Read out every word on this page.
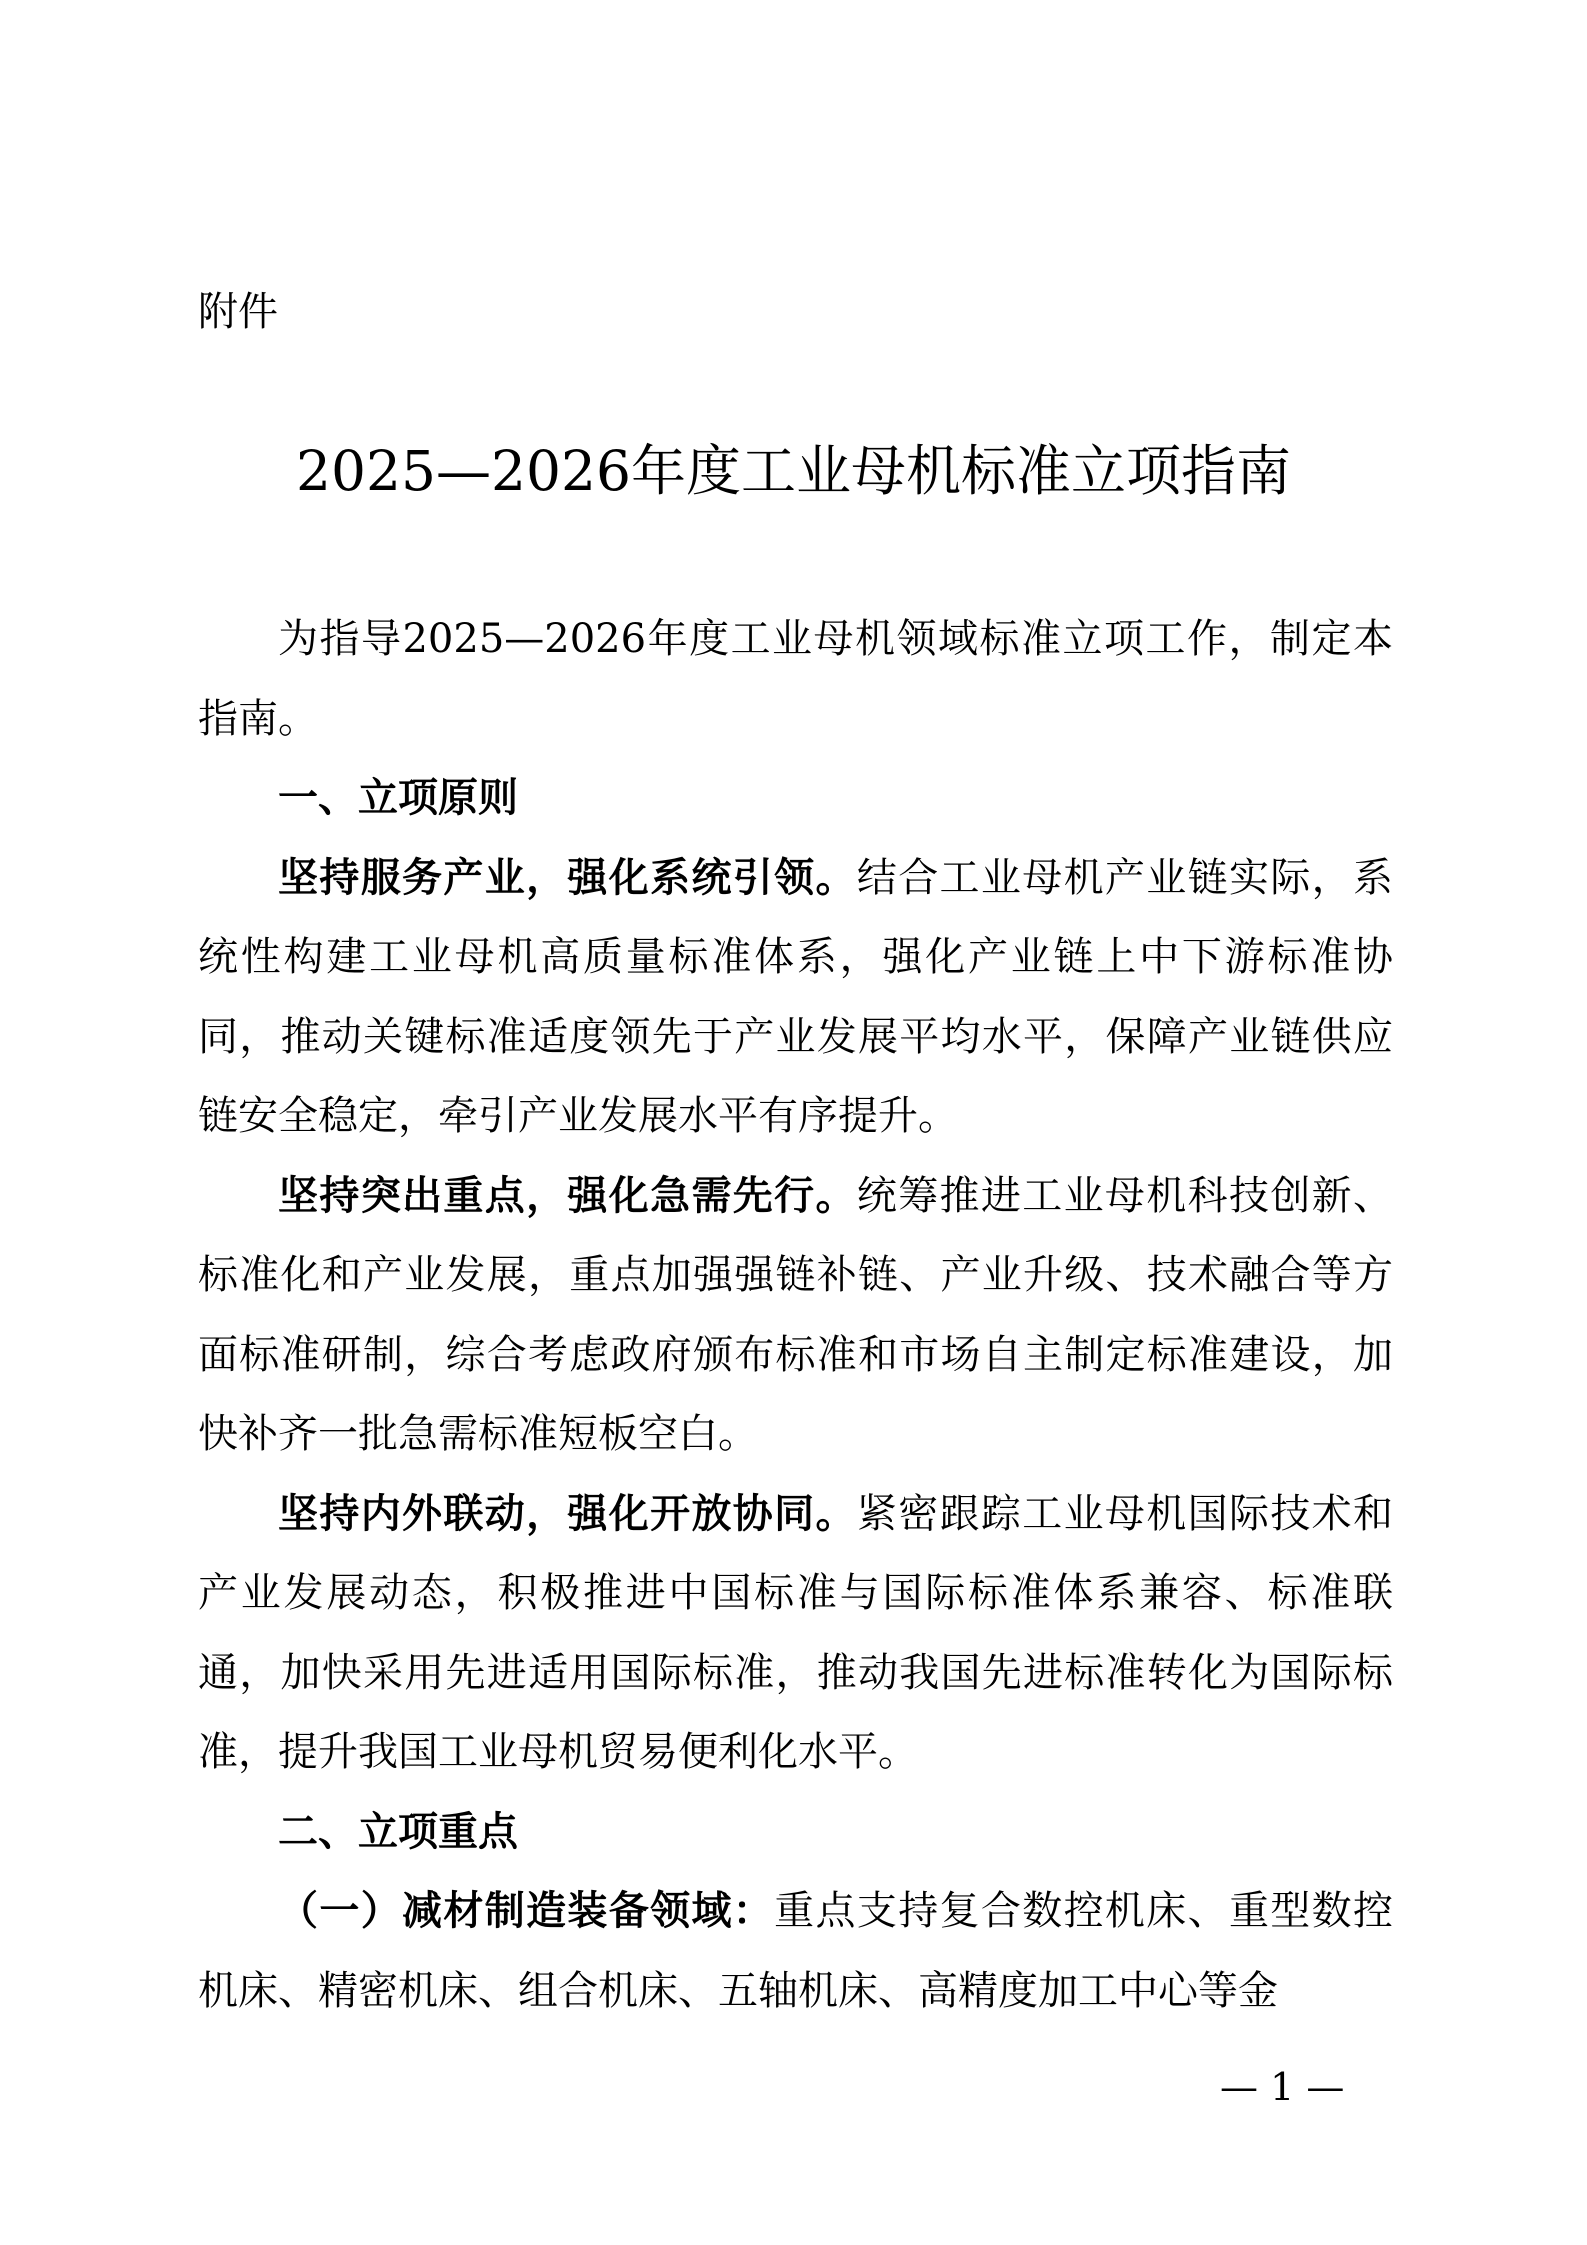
附件
2025—2026年度工业母机标准立项指南

为指导2025—2026年度工业母机领域标准立项工作，制定本指南。

一、立项原则

坚持服务产业，强化系统引领。结合工业母机产业链实际，系统性构建工业母机高质量标准体系，强化产业链上中下游标准协同，推动关键标准适度领先于产业发展平均水平，保障产业链供应链安全稳定，牵引产业发展水平有序提升。

坚持突出重点，强化急需先行。统筹推进工业母机科技创新、标准化和产业发展，重点加强强链补链、产业升级、技术融合等方面标准研制，综合考虑政府颁布标准和市场自主制定标准建设，加快补齐一批急需标准短板空白。

坚持内外联动，强化开放协同。紧密跟踪工业母机国际技术和产业发展动态，积极推进中国标准与国际标准体系兼容、标准联通，加快采用先进适用国际标准，推动我国先进标准转化为国际标准，提升我国工业母机贸易便利化水平。

二、立项重点

（一）减材制造装备领域：重点支持复合数控机床、重型数控机床、精密机床、组合机床、五轴机床、高精度加工中心等金

— 1 —
